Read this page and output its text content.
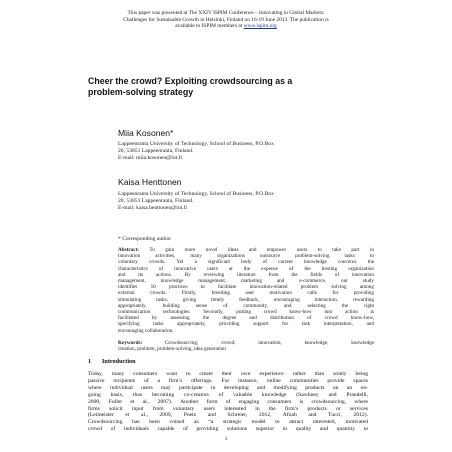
This paper was presented at The XXIV ISPIM Conference – Innovating in Global Markets:
Challenges for Sustainable Growth in Helsinki, Finland on 16-19 June 2013. The publication is
available to ISPIM members at www.ispim.org
Cheer the crowd? Exploiting crowdsourcing as a
problem-solving strategy
Miia Kosonen*
Lappeenranta University of Technology, School of Business, P.O.Box
20, 53851 Lappeenranta, Finland.
E-mail: miia.kosonen@lut.fi
Kaisa Henttonen
Lappeenranta University of Technology, School of Business, P.O.Box
20, 53851 Lappeenranta, Finland.
E-mail: kaisa.henttonen@lut.fi
* Corresponding author
Abstract: To gain more novel ideas and empower users to take part in
innovation activities, many organizations outsource problem-solving tasks to
voluntary crowds. Yet a significant body of current knowledge concerns the
characteristics of innovative users at the expense of the hosting organization
and its actions. By reviewing literature from the fields of innovation
management, knowledge management, marketing and e-commerce, our study
identifies 10 practices to facilitate innovation-related problem solving among
external crowds. Firstly, breeding user motivation calls for providing
stimulating tasks, giving timely feedback, encouraging interaction, rewarding
appropriately, building sense of community, and selecting the right
communication technologies. Secondly, putting crowd know-how into action is
facilitated by assessing the degree and distribution of crowd know-how,
specifying tasks appropriately, providing support for task interpretation, and
encouraging collaboration.
Keywords: Crowdsourcing; crowd; innovation, knowledge, knowledge
creation, problem, problem-solving, idea generation
1 Introduction
Today, many consumers want to create their own experience rather than solely being
passive recipients of a firm’s offerings. For instance, online communities provide spaces
where individual users may participate in developing and modifying products on an on-
going basis, thus becoming co-creators of valuable knowledge (Sawhney and Prandelli,
2000, Fuller et al., 2007). Another form of engaging consumers is crowdsourcing, where
firms solicit input from voluntary users interested in the firm’s products or services
(Leimeister et al., 2009, Poetz and Schreier, 2012, Afuah and Tucci, 2012).
Crowdsourcing has been coined as “a strategic model to attract interested, motivated
crowd of individuals capable of providing solutions superior in quality and quantity to
1
